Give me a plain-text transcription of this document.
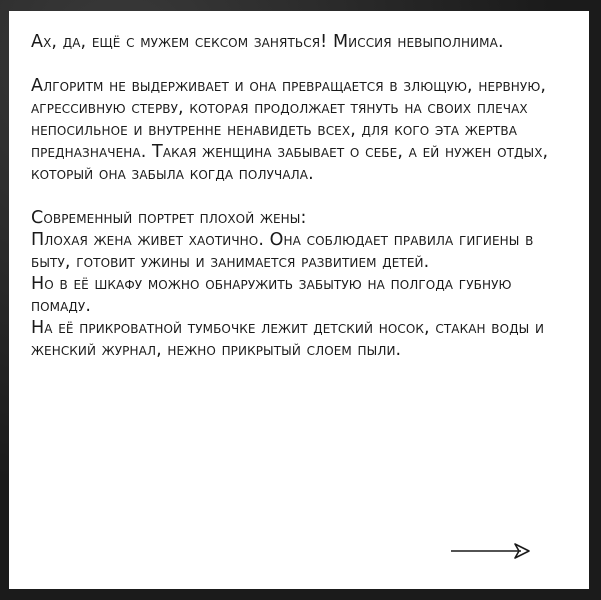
Ах, да, ещё с мужем сексом заняться! Миссия невыполнима.

Алгоритм не выдерживает и она превращается в злющую, нервную, агрессивную стерву, которая продолжает тянуть на своих плечах непосильное и внутренне ненавидеть всех, для кого эта жертва предназначена. Такая женщина забывает о себе, а ей нужен отдых, который она забыла когда получала.

Современный портрет плохой жены:

Плохая жена живет хаотично. Она соблюдает правила гигиены в быту, готовит ужины и занимается развитием детей.

Но в её шкафу можно обнаружить забытую на полгода губную помаду.

На её прикроватной тумбочке лежит детский носок, стакан воды и женский журнал, нежно прикрытый слоем пыли.
